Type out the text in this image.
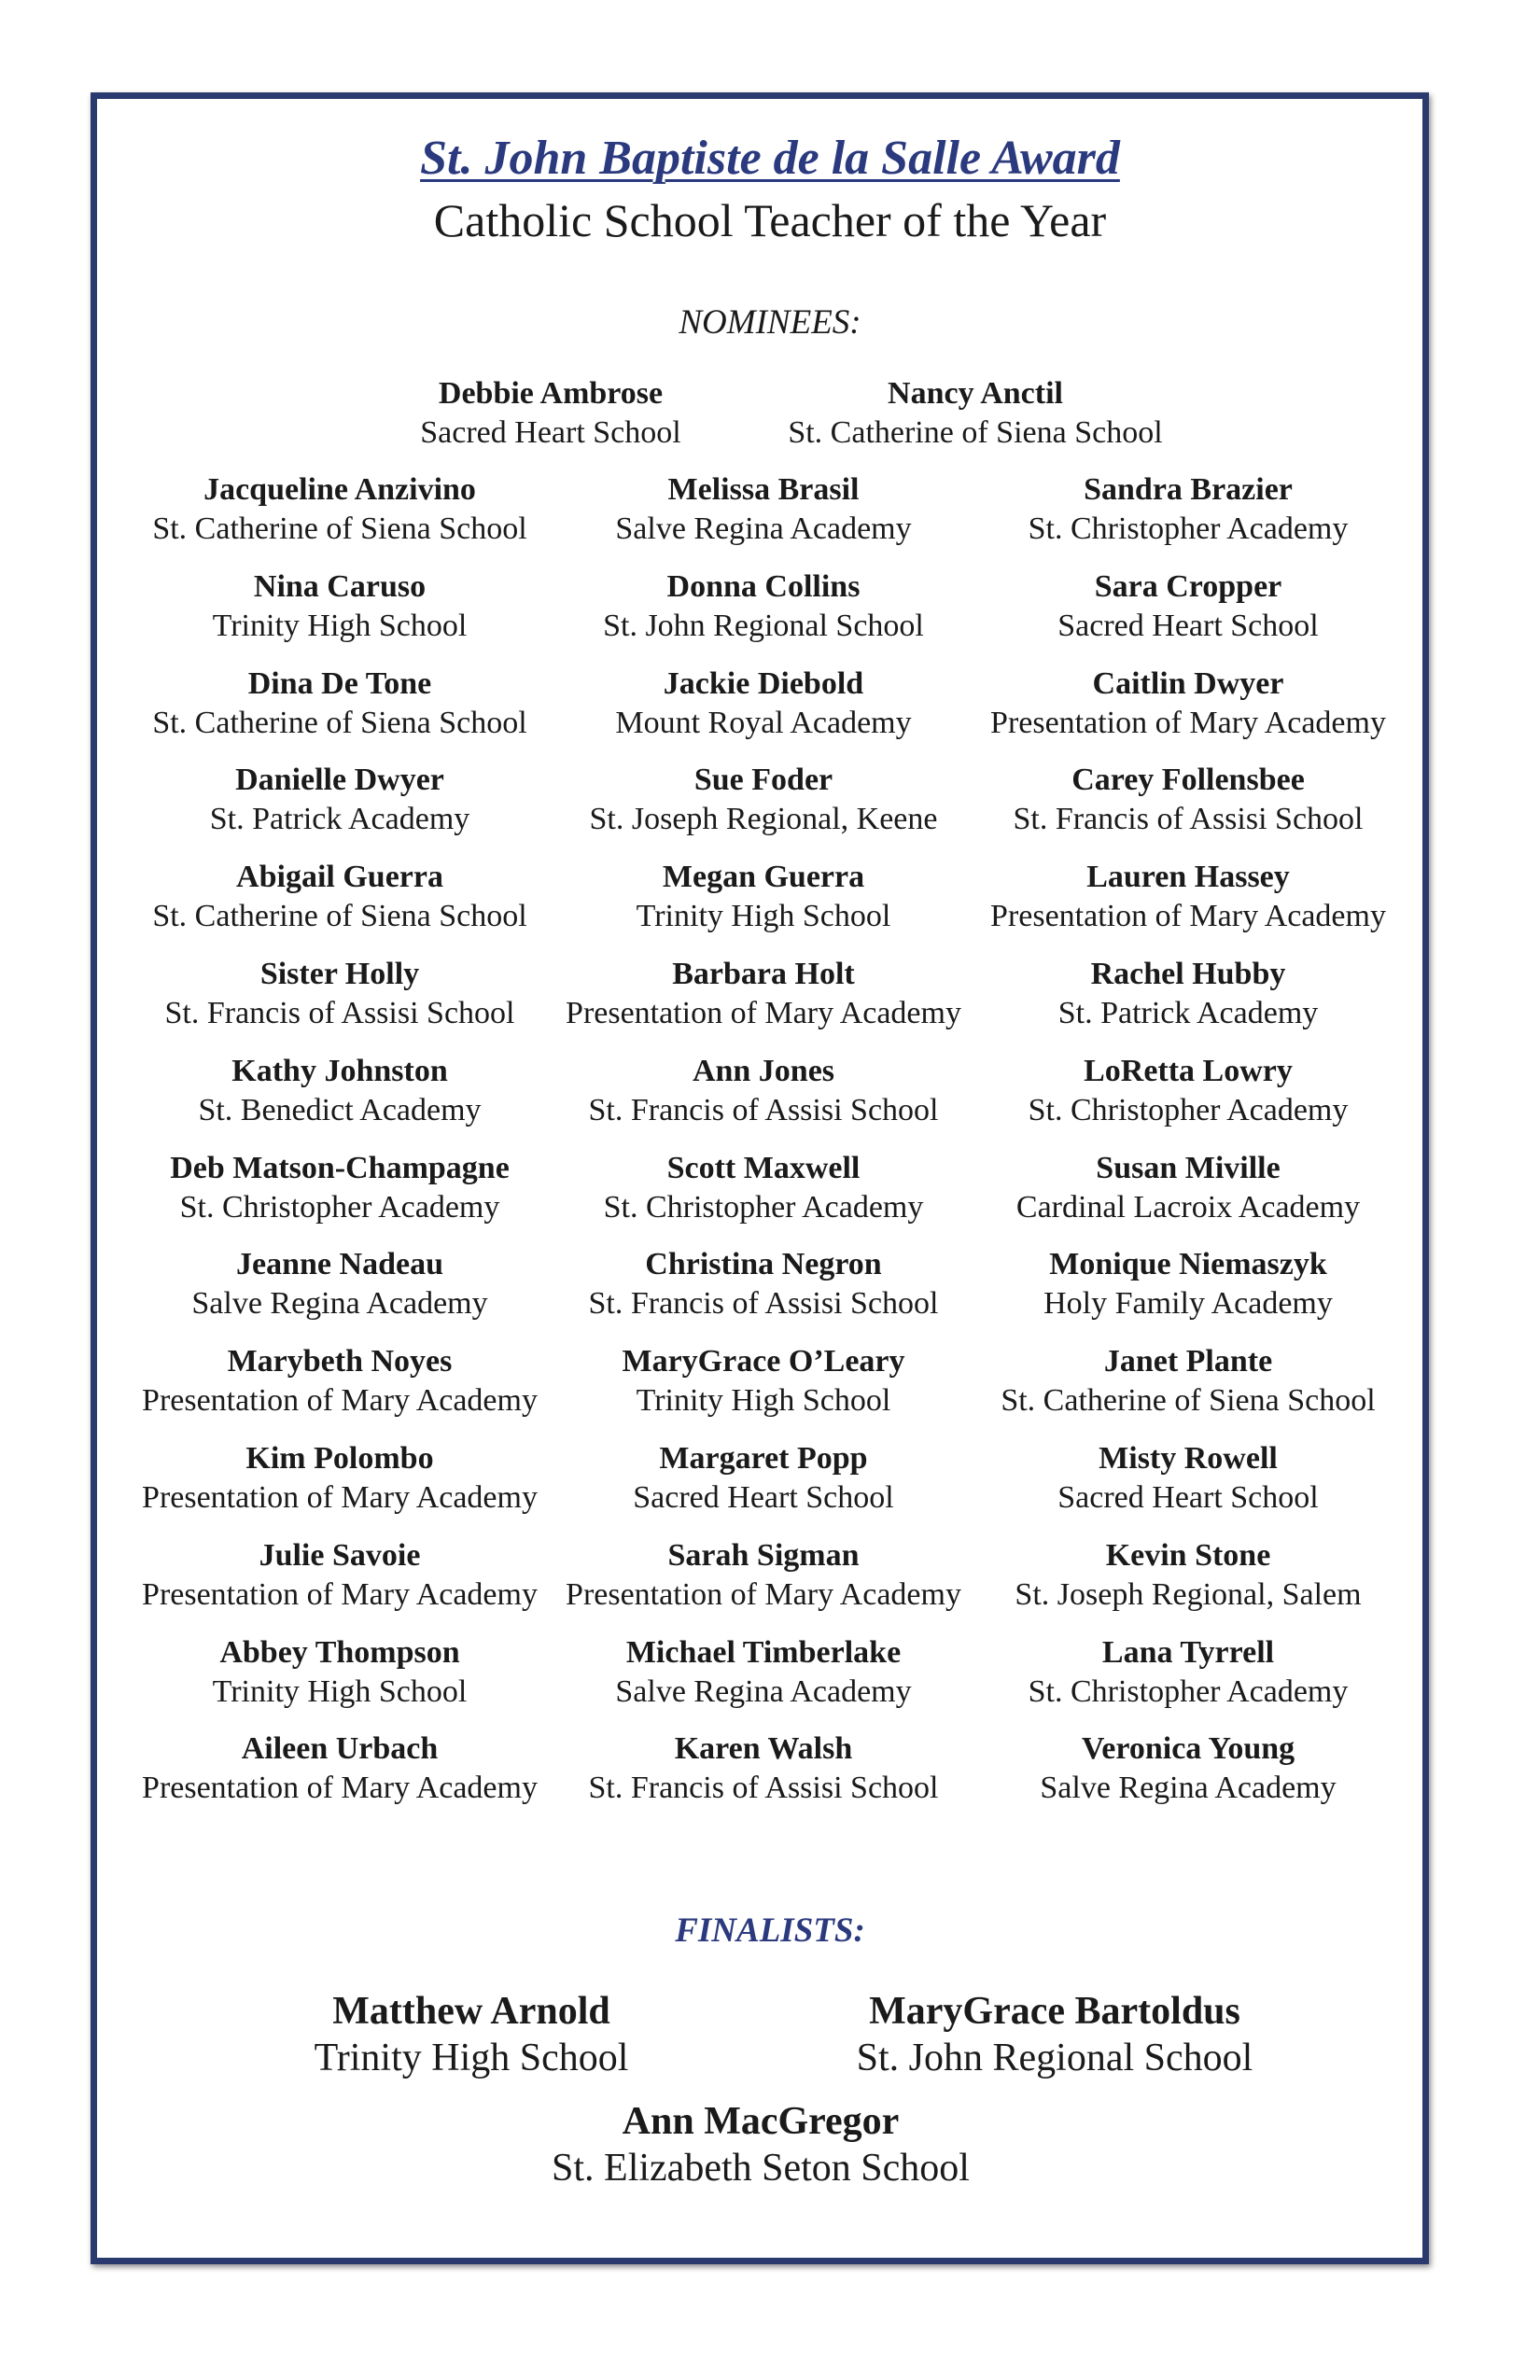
St. John Baptiste de la Salle Award
Catholic School Teacher of the Year
NOMINEES:
Debbie Ambrose
Sacred Heart School
Nancy Anctil
St. Catherine of Siena School
Jacqueline Anzivino
St. Catherine of Siena School
Melissa Brasil
Salve Regina Academy
Sandra Brazier
St. Christopher Academy
Nina Caruso
Trinity High School
Donna Collins
St. John Regional School
Sara Cropper
Sacred Heart School
Dina De Tone
St. Catherine of Siena School
Jackie Diebold
Mount Royal Academy
Caitlin Dwyer
Presentation of Mary Academy
Danielle Dwyer
St. Patrick Academy
Sue Foder
St. Joseph Regional, Keene
Carey Follensbee
St. Francis of Assisi School
Abigail Guerra
St. Catherine of Siena School
Megan Guerra
Trinity High School
Lauren Hassey
Presentation of Mary Academy
Sister Holly
St. Francis of Assisi School
Barbara Holt
Presentation of Mary Academy
Rachel Hubby
St. Patrick Academy
Kathy Johnston
St. Benedict Academy
Ann Jones
St. Francis of Assisi School
LoRetta Lowry
St. Christopher Academy
Deb Matson-Champagne
St. Christopher Academy
Scott Maxwell
St. Christopher Academy
Susan Miville
Cardinal Lacroix Academy
Jeanne Nadeau
Salve Regina Academy
Christina Negron
St. Francis of Assisi School
Monique Niemaszyk
Holy Family Academy
Marybeth Noyes
Presentation of Mary Academy
MaryGrace O’Leary
Trinity High School
Janet Plante
St. Catherine of Siena School
Kim Polombo
Presentation of Mary Academy
Margaret Popp
Sacred Heart School
Misty Rowell
Sacred Heart School
Julie Savoie
Presentation of Mary Academy
Sarah Sigman
Presentation of Mary Academy
Kevin Stone
St. Joseph Regional, Salem
Abbey Thompson
Trinity High School
Michael Timberlake
Salve Regina Academy
Lana Tyrrell
St. Christopher Academy
Aileen Urbach
Presentation of Mary Academy
Karen Walsh
St. Francis of Assisi School
Veronica Young
Salve Regina Academy
FINALISTS:
Matthew Arnold
Trinity High School
MaryGrace Bartoldus
St. John Regional School
Ann MacGregor
St. Elizabeth Seton School
